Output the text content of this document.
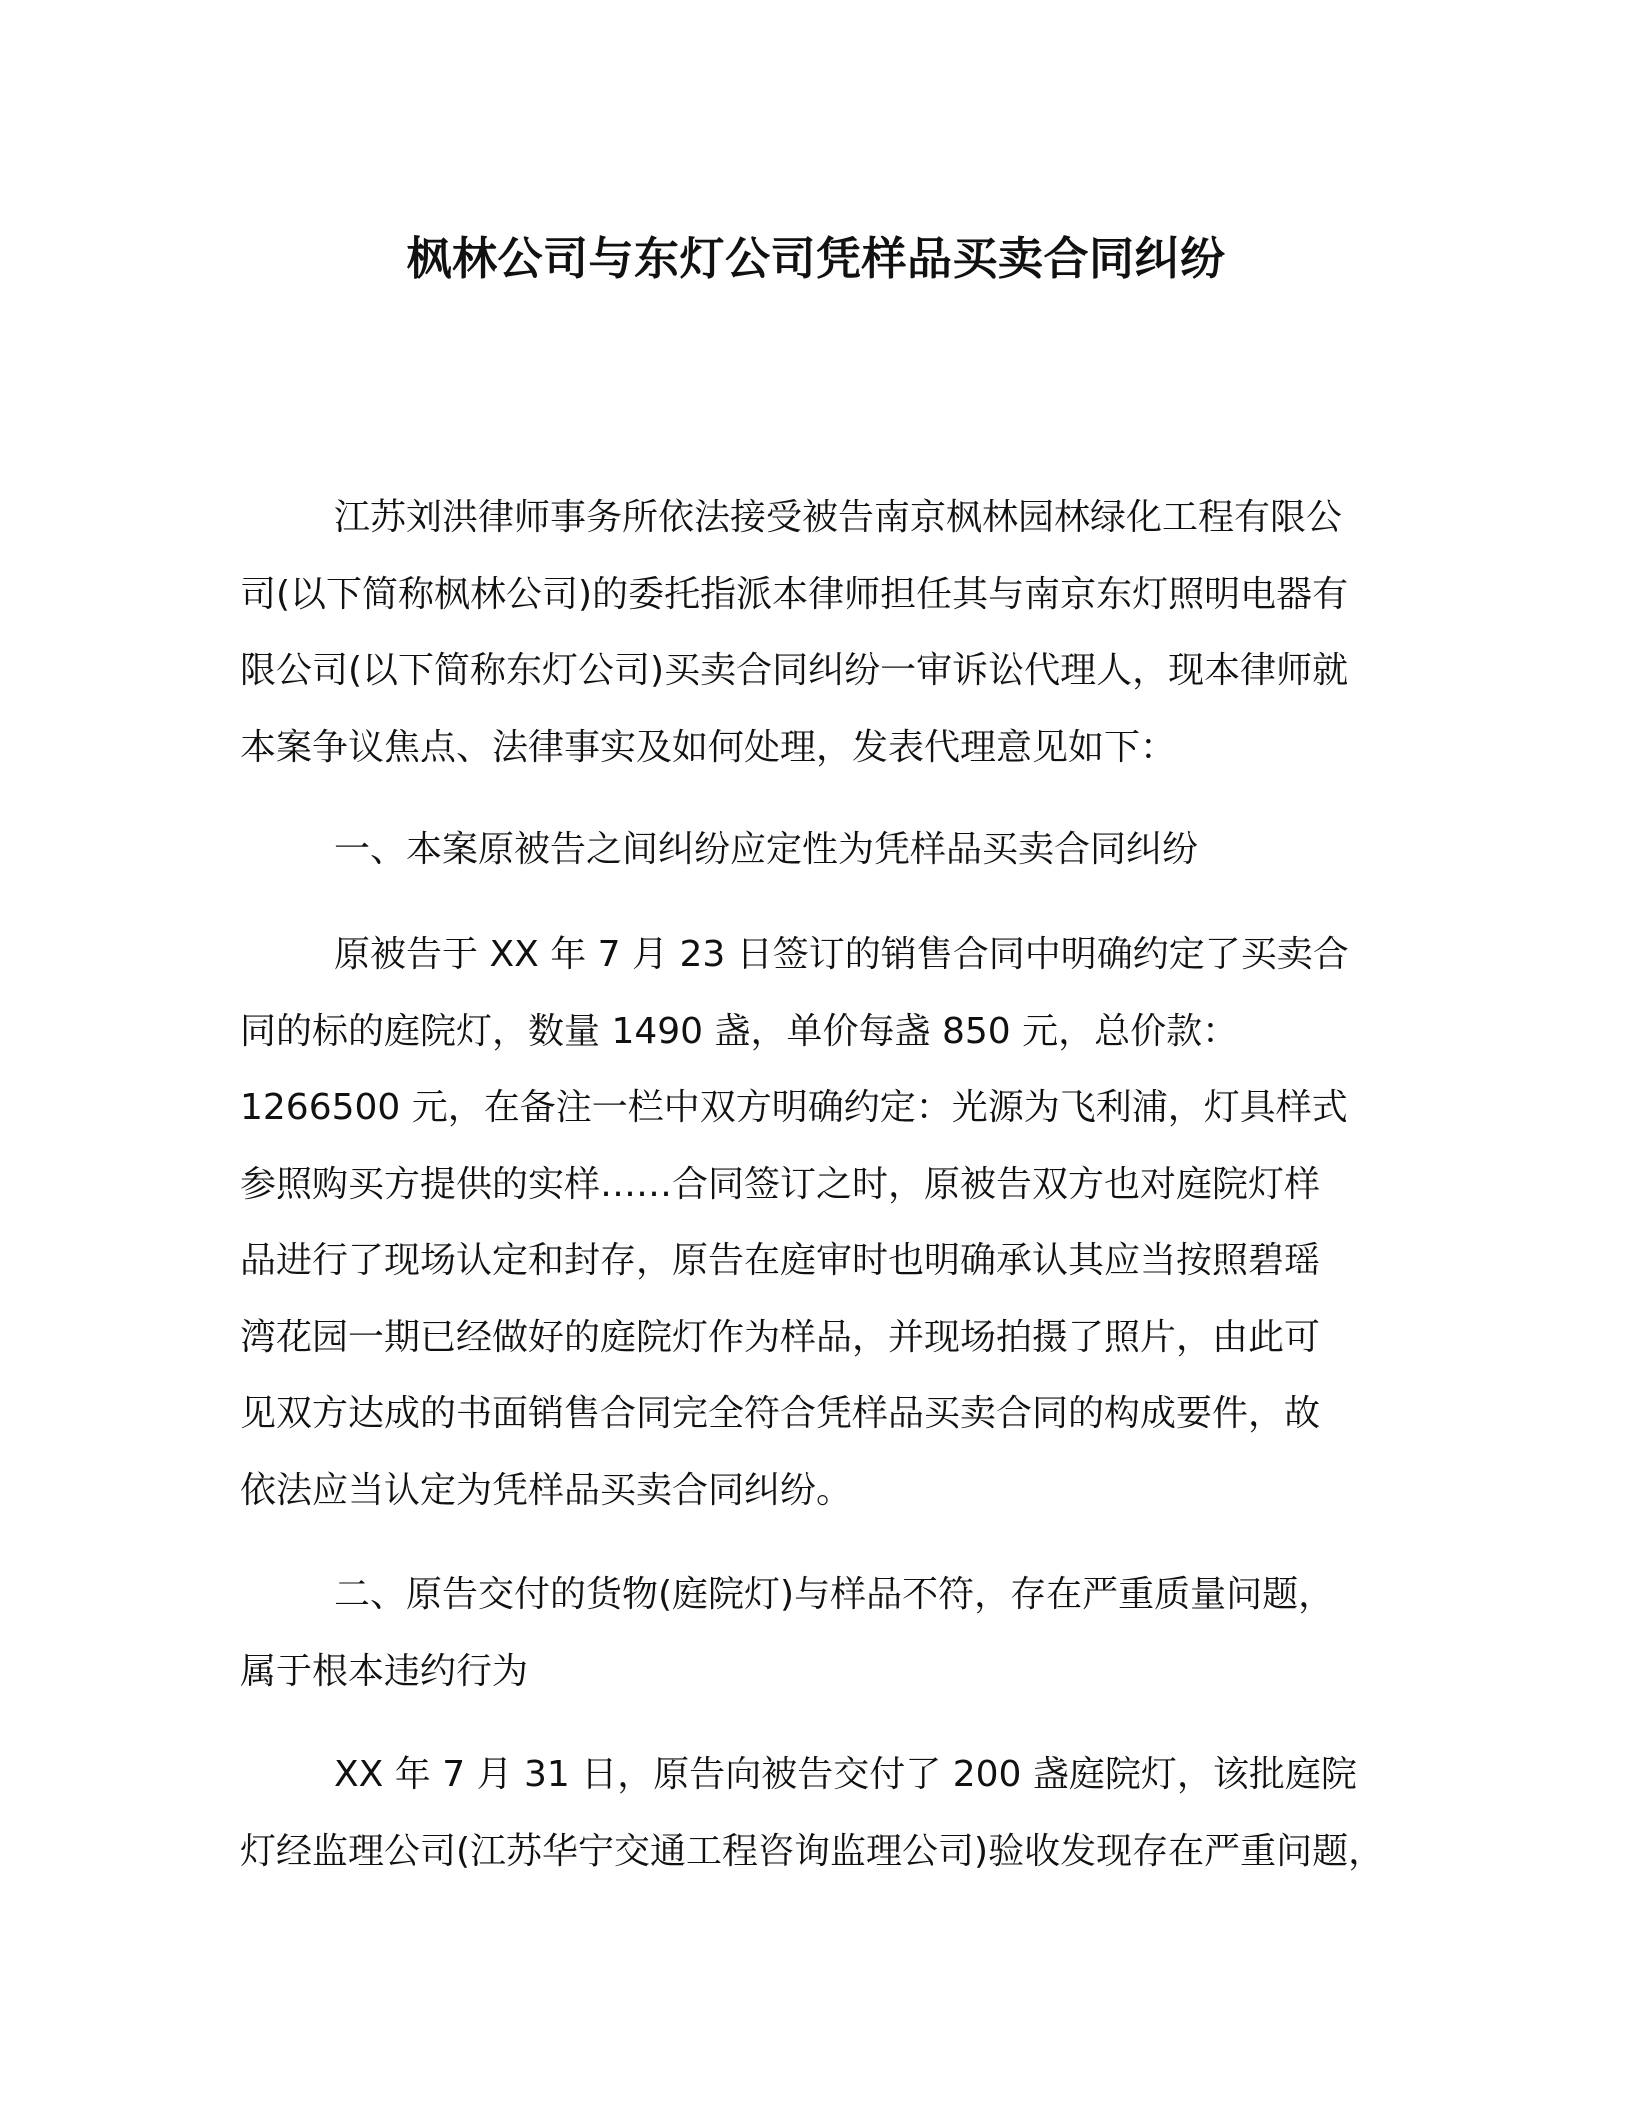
枫林公司与东灯公司凭样品买卖合同纠纷
江苏刘洪律师事务所依法接受被告南京枫林园林绿化工程有限公
司(以下简称枫林公司)的委托指派本律师担任其与南京东灯照明电器有
限公司(以下简称东灯公司)买卖合同纠纷一审诉讼代理人，现本律师就
本案争议焦点、法律事实及如何处理，发表代理意见如下：
一、本案原被告之间纠纷应定性为凭样品买卖合同纠纷
原被告于 XX 年 7 月 23 日签订的销售合同中明确约定了买卖合
同的标的庭院灯，数量 1490 盏，单价每盏 850 元，总价款：
1266500 元，在备注一栏中双方明确约定：光源为飞利浦，灯具样式
参照购买方提供的实样……合同签订之时，原被告双方也对庭院灯样
品进行了现场认定和封存，原告在庭审时也明确承认其应当按照碧瑶
湾花园一期已经做好的庭院灯作为样品，并现场拍摄了照片，由此可
见双方达成的书面销售合同完全符合凭样品买卖合同的构成要件，故
依法应当认定为凭样品买卖合同纠纷。
二、原告交付的货物(庭院灯)与样品不符，存在严重质量问题，
属于根本违约行为
XX 年 7 月 31 日，原告向被告交付了 200 盏庭院灯，该批庭院
灯经监理公司(江苏华宁交通工程咨询监理公司)验收发现存在严重问题，
